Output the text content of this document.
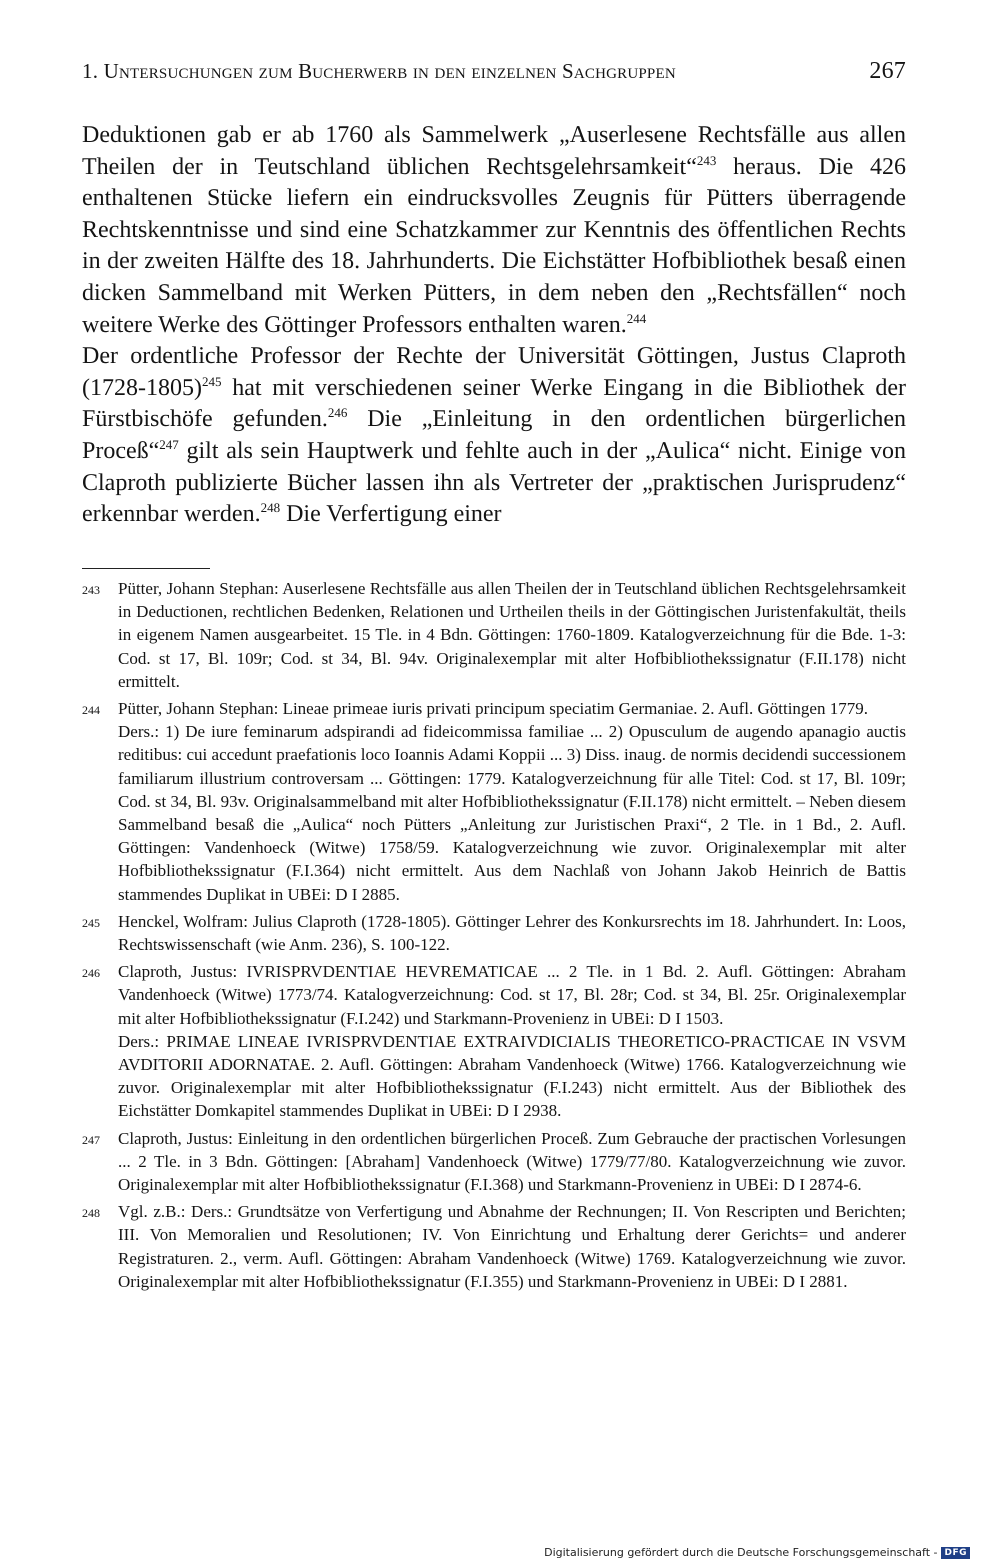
1. Untersuchungen zum Bucherwerb in den einzelnen Sachgruppen	267

Deduktionen gab er ab 1760 als Sammelwerk „Auserlesene Rechtsfälle aus allen Theilen der in Teutschland üblichen Rechtsgelehrsamkeit“$^{243}$ heraus. Die 426 enthaltenen Stücke liefern ein eindrucksvolles Zeugnis für Pütters überragende Rechtskenntnisse und sind eine Schatzkammer zur Kenntnis des öffentlichen Rechts in der zweiten Hälfte des 18. Jahrhunderts. Die Eichstätter Hofbibliothek besaß einen dicken Sammelband mit Werken Pütters, in dem neben den „Rechtsfällen“ noch weitere Werke des Göttinger Professors enthalten waren.$^{244}$

Der ordentliche Professor der Rechte der Universität Göttingen, Justus Claproth (1728-1805)$^{245}$ hat mit verschiedenen seiner Werke Eingang in die Bibliothek der Fürstbischöfe gefunden.$^{246}$ Die „Einleitung in den ordentlichen bürgerlichen Proceß“$^{247}$ gilt als sein Hauptwerk und fehlte auch in der „Aulica“ nicht. Einige von Claproth publizierte Bücher lassen ihn als Vertreter der „praktischen Jurisprudenz“ erkennbar werden.$^{248}$ Die Verfertigung einer

243	Pütter, Johann Stephan: Auserlesene Rechtsfälle aus allen Theilen der in Teutschland üblichen Rechtsgelehrsamkeit in Deductionen, rechtlichen Bedenken, Relationen und Urtheilen theils in der Göttingischen Juristenfakultät, theils in eigenem Namen ausgearbeitet. 15 Tle. in 4 Bdn. Göttingen: 1760-1809. Katalogverzeichnung für die Bde. 1-3: Cod. st 17, Bl. 109r; Cod. st 34, Bl. 94v. Originalexemplar mit alter Hofbibliothekssignatur (F.II.178) nicht ermittelt.

244	Pütter, Johann Stephan: Lineae primeae iuris privati principum speciatim Germaniae. 2. Aufl. Göttingen 1779.

Ders.: 1) De iure feminarum adspirandi ad fideicommissa familiae ... 2) Opusculum de augendo apanagio auctis reditibus: cui accedunt praefationis loco Ioannis Adami Koppii ... 3) Diss. inaug. de normis decidendi successionem familiarum illustrium controversam ... Göttingen: 1779. Katalogverzeichnung für alle Titel: Cod. st 17, Bl. 109r; Cod. st 34, Bl. 93v. Originalsammelband mit alter Hofbibliothekssignatur (F.II.178) nicht ermittelt. – Neben diesem Sammelband besaß die „Aulica“ noch Pütters „Anleitung zur Juristischen Praxi“, 2 Tle. in 1 Bd., 2. Aufl. Göttingen: Vandenhoeck (Witwe) 1758/59. Katalogverzeichnung wie zuvor. Originalexemplar mit alter Hofbibliothekssignatur (F.I.364) nicht ermittelt. Aus dem Nachlaß von Johann Jakob Heinrich de Battis stammendes Duplikat in UBEi: D I 2885.

245	Henckel, Wolfram: Julius Claproth (1728-1805). Göttinger Lehrer des Konkursrechts im 18. Jahrhundert. In: Loos, Rechtswissenschaft (wie Anm. 236), S. 100-122.

246	Claproth, Justus: IVRISPRVDENTIAE HEVREMATICAE ... 2 Tle. in 1 Bd. 2. Aufl. Göttingen: Abraham Vandenhoeck (Witwe) 1773/74. Katalogverzeichnung: Cod. st 17, Bl. 28r; Cod. st 34, Bl. 25r. Originalexemplar mit alter Hofbibliothekssignatur (F.I.242) und Starkmann-Provenienz in UBEi: D I 1503.

Ders.: PRIMAE LINEAE IVRISPRVDENTIAE EXTRAIVDICIALIS THEORETICO-PRACTICAE IN VSVM AVDITORII ADORNATAE. 2. Aufl. Göttingen: Abraham Vandenhoeck (Witwe) 1766. Katalogverzeichnung wie zuvor. Originalexemplar mit alter Hofbibliothekssignatur (F.I.243) nicht ermittelt. Aus der Bibliothek des Eichstätter Domkapitel stammendes Duplikat in UBEi: D I 2938.

247	Claproth, Justus: Einleitung in den ordentlichen bürgerlichen Proceß. Zum Gebrauche der practischen Vorlesungen ... 2 Tle. in 3 Bdn. Göttingen: [Abraham] Vandenhoeck (Witwe) 1779/77/80. Katalogverzeichnung wie zuvor. Originalexemplar mit alter Hofbibliothekssignatur (F.I.368) und Starkmann-Provenienz in UBEi: D I 2874-6.

248	Vgl. z.B.: Ders.: Grundtsätze von Verfertigung und Abnahme der Rechnungen; II. Von Rescripten und Berichten; III. Von Memoralien und Resolutionen; IV. Von Einrichtung und Erhaltung derer Gerichts= und anderer Registraturen. 2., verm. Aufl. Göttingen: Abraham Vandenhoeck (Witwe) 1769. Katalogverzeichnung wie zuvor. Originalexemplar mit alter Hofbibliothekssignatur (F.I.355) und Starkmann-Provenienz in UBEi: D I 2881.

Digitalisierung gefördert durch die Deutsche Forschungsgemeinschaft - DFG
